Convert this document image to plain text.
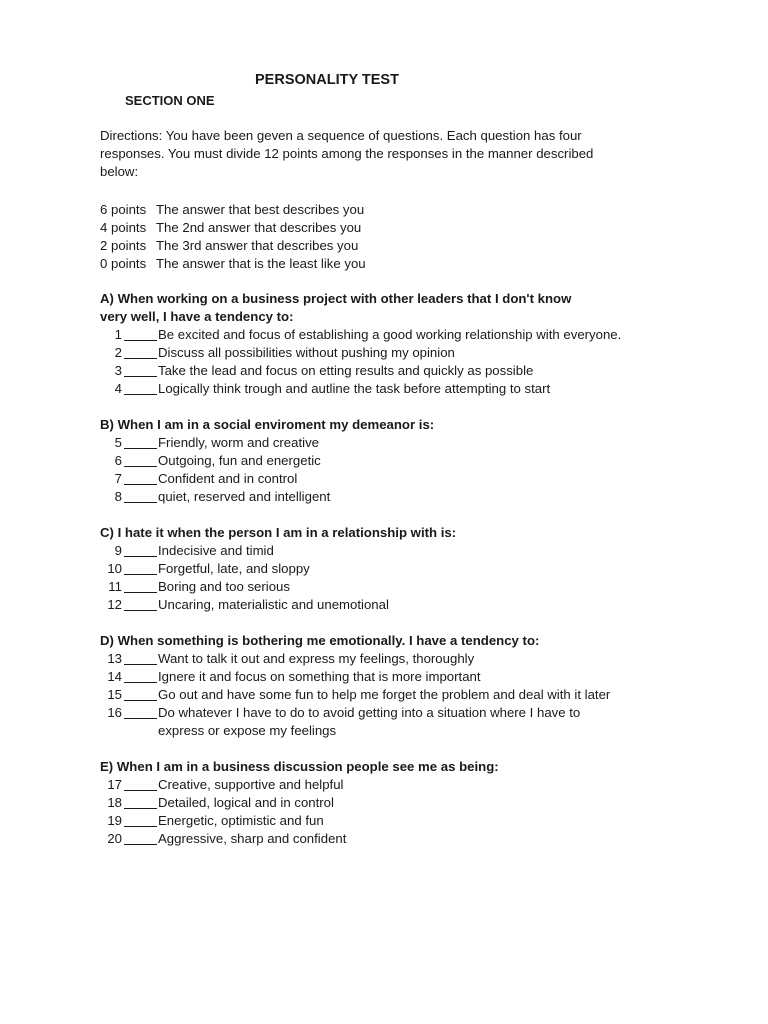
PERSONALITY TEST
SECTION ONE
Directions: You have been geven a sequence of questions. Each question has four responses. You must divide 12 points among the responses in the manner described below:
6 points The answer that best describes you
4 points The 2nd answer that describes you
2 points The 3rd answer that describes you
0 points The answer that is the least like you
A) When working on a business project with other leaders that I don't know very well, I have a tendency to:
1	Be excited and focus of establishing a good working relationship with everyone.
2	Discuss all possibilities without pushing my opinion
3	Take the lead and focus on etting results and quickly as possible
4	Logically think trough and autline the task before attempting to start
B) When I am in a social enviroment my demeanor is:
5	Friendly, worm and creative
6	Outgoing, fun and energetic
7	Confident and in control
8	quiet, reserved and intelligent
C) I hate it when the person I am in a relationship with is:
9	Indecisive and timid
10	Forgetful, late, and sloppy
11	Boring and too serious
12	Uncaring, materialistic and unemotional
D) When something is bothering me emotionally. I have a tendency to:
13	Want to talk it out and express my feelings, thoroughly
14	Ignere it and focus on something that is more important
15	Go out and have some fun to help me forget the problem and deal with it later
16	Do whatever I have to do to avoid getting into a situation where I have to express or expose my feelings
E) When I am in a business discussion people see me as being:
17	Creative, supportive and helpful
18	Detailed, logical and in control
19	Energetic, optimistic and fun
20	Aggressive, sharp and confident
